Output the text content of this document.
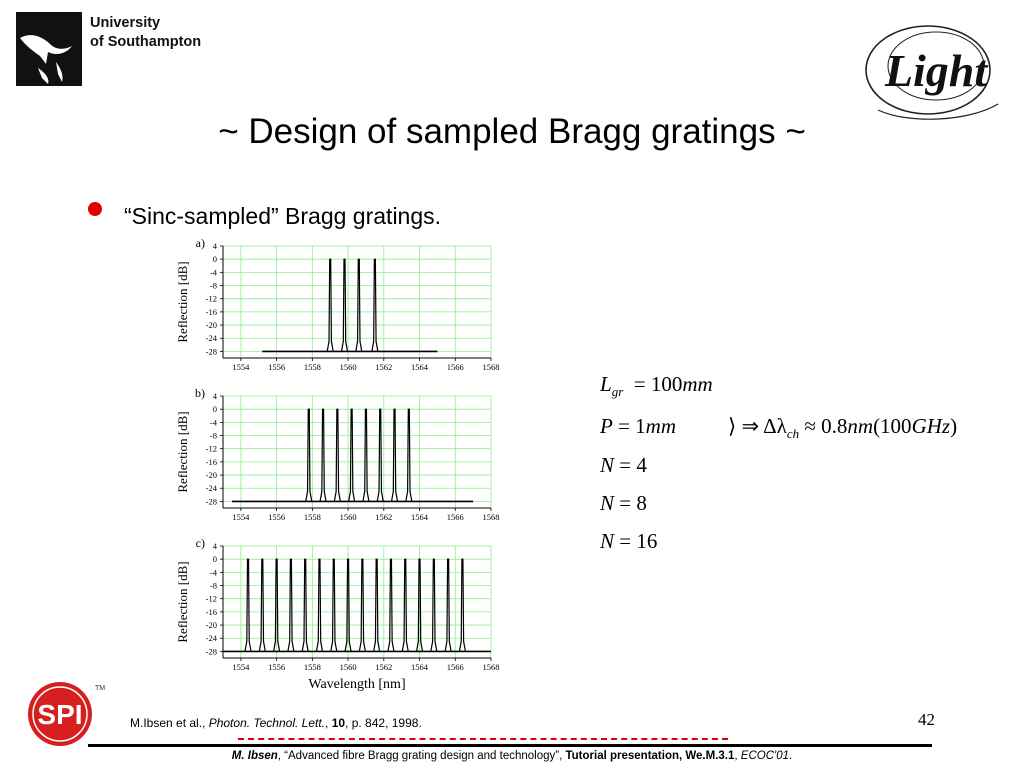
University
of Southampton
Light
~ Design of sampled Bragg gratings ~
“Sinc-sampled” Bragg gratings.
1554 1556 1558 1560 1562 1564 1566 1568
4
0
-4
-8
-12
-16
-20
-24
-28
Reflection [dB]
a)
1554 1556 1558 1560 1562 1564 1566 1568
4
0
-4
-8
-12
-16
-20
-24
-28
Reflection [dB]
b)
1554 1556 1558 1560 1562 1564 1566 1568
4
0
-4
-8
-12
-16
-20
-24
-28
Reflection [dB]
c)
Wavelength [nm]
$L_{gr} = 100mm$
P = 1mm ⟩ ⇒ $\Delta\lambda_{ch} \approx 0.8nm(100GHz)$
N = 4
N = 8
N = 16
SPI
TM
M.Ibsen et al., Photon. Technol. Lett., 10, p. 842, 1998.	42
M. Ibsen, “Advanced fibre Bragg grating design and technology”, Tutorial presentation, We.M.3.1, ECOC'01.
